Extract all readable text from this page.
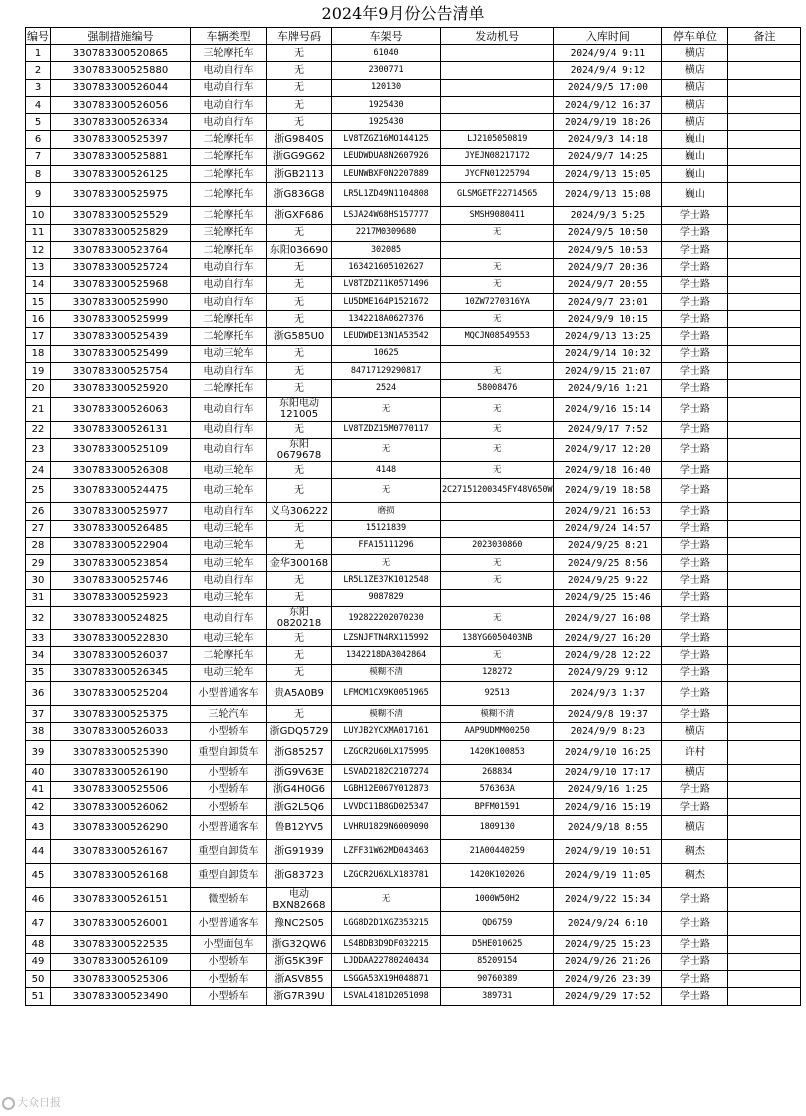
2024年9月份公告清单
编号	强制措施编号	车辆类型	车牌号码	车架号	发动机号	入库时间	停车单位	备注
1	330783300520865	三轮摩托车	无	61040		2024/9/4 9:11	横店	
2	330783300525880	电动自行车	无	2300771		2024/9/4 9:12	横店	
3	330783300526044	电动自行车	无	120130		2024/9/5 17:00	横店	
4	330783300526056	电动自行车	无	1925430		2024/9/12 16:37	横店	
5	330783300526334	电动自行车	无	1925430		2024/9/19 18:26	横店	
6	330783300525397	二轮摩托车	浙G9840S	LV8TZGZ16MO144125	LJ2105050819	2024/9/3 14:18	巍山	
7	330783300525881	二轮摩托车	浙GG9G62	LEUDWDUA8N2607926	JYEJN08217172	2024/9/7 14:25	巍山	
8	330783300526125	二轮摩托车	浙GB2113	LEUNWBXF0N2207889	JYCFN01225794	2024/9/13 15:05	巍山	
9	330783300525975	二轮摩托车	浙G836G8	LR5L1ZD49N1104808	GLSMGETF22714565	2024/9/13 15:08	巍山	
10	330783300525529	二轮摩托车	浙GXF686	LSJA24W68HS157777	SMSH9080411	2024/9/3 5:25	学士路	
11	330783300525829	三轮摩托车	无	2217M0309680	无	2024/9/5 10:50	学士路	
12	330783300523764	二轮摩托车	东阳036690	302085		2024/9/5 10:53	学士路	
13	330783300525724	电动自行车	无	163421605102627	无	2024/9/7 20:36	学士路	
14	330783300525968	电动自行车	无	LV8TZDZ11K0571496	无	2024/9/7 20:55	学士路	
15	330783300525990	电动自行车	无	LU5DME164P1521672	10ZW7270316YA	2024/9/7 23:01	学士路	
16	330783300525999	二轮摩托车	无	1342218A0627376	无	2024/9/9 10:15	学士路	
17	330783300525439	二轮摩托车	浙G585U0	LEUDWDE13N1A53542	MQCJN08549553	2024/9/13 13:25	学士路	
18	330783300525499	电动三轮车	无	10625		2024/9/14 10:32	学士路	
19	330783300525754	电动自行车	无	84717129290817	无	2024/9/15 21:07	学士路	
20	330783300525920	二轮摩托车	无	2524	58008476	2024/9/16 1:21	学士路	
21	330783300526063	电动自行车	东阳电动121005	无	无	2024/9/16 15:14	学士路	
22	330783300526131	电动自行车	无	LV8TZDZ15M0770117	无	2024/9/17 7:52	学士路	
23	330783300525109	电动自行车	东阳0679678	无	无	2024/9/17 12:20	学士路	
24	330783300526308	电动三轮车	无	4148	无	2024/9/18 16:40	学士路	
25	330783300524475	电动三轮车	无	无	2C27151200345FY48V650W	2024/9/19 18:58	学士路	
26	330783300525977	电动自行车	义乌306222	磨损		2024/9/21 16:53	学士路	
27	330783300526485	电动三轮车	无	15121839		2024/9/24 14:57	学士路	
28	330783300522904	电动三轮车	无	FFA15111296	2023030860	2024/9/25 8:21	学士路	
29	330783300523854	电动三轮车	金华300168	无	无	2024/9/25 8:56	学士路	
30	330783300525746	电动自行车	无	LR5L1ZE37K1012548	无	2024/9/25 9:22	学士路	
31	330783300525923	电动三轮车	无	9087829		2024/9/25 15:46	学士路	
32	330783300524825	电动自行车	东阳0820218	192822202070230	无	2024/9/27 16:08	学士路	
33	330783300522830	电动三轮车	无	LZSNJFTN4RX115992	138YG6050403NB	2024/9/27 16:20	学士路	
34	330783300526037	二轮摩托车	无	1342218DA3042864	无	2024/9/28 12:22	学士路	
35	330783300526345	电动三轮车	无	模糊不清	128272	2024/9/29 9:12	学士路	
36	330783300525204	小型普通客车	贵A5A0B9	LFMCM1CX9K0051965	92513	2024/9/3 1:37	学士路	
37	330783300525375	三轮汽车	无	模糊不清	模糊不清	2024/9/8 19:37	学士路	
38	330783300526033	小型轿车	浙GDQ5729	LUYJB2YCXMA017161	AAP9UDMM00250	2024/9/9 8:23	横店	
39	330783300525390	重型自卸货车	浙G85257	LZGCR2U60LX175995	1420K100853	2024/9/10 16:25	许村	
40	330783300526190	小型轿车	浙G9V63E	LSVAD2182C2107274	268834	2024/9/10 17:17	横店	
41	330783300525506	小型轿车	浙G4H0G6	LGBH12E067Y012873	576363A	2024/9/16 1:25	学士路	
42	330783300526062	小型轿车	浙G2L5Q6	LVVDC11B8GD025347	BPFM01591	2024/9/16 15:19	学士路	
43	330783300526290	小型普通客车	鲁B12YV5	LVHRU1829N6009090	1809130	2024/9/18 8:55	横店	
44	330783300526167	重型自卸货车	浙G91939	LZFF31W62MD043463	21A00440259	2024/9/19 10:51	稠杰	
45	330783300526168	重型自卸货车	浙G83723	LZGCR2U6XLX183781	1420K102026	2024/9/19 11:05	稠杰	
46	330783300526151	微型轿车	电动BXN82668	无	1000W50H2	2024/9/22 15:34	学士路	
47	330783300526001	小型普通客车	豫NC2S05	LGG8D2D1XGZ353215	QD6759	2024/9/24 6:10	学士路	
48	330783300522535	小型面包车	浙G32QW6	LS4BDB3D9DF032215	D5HE010625	2024/9/25 15:23	学士路	
49	330783300526109	小型轿车	浙G5K39F	LJDDAA22780240434	85209154	2024/9/26 21:26	学士路	
50	330783300525306	小型轿车	浙ASV855	LSGGA53X19H048871	90760389	2024/9/26 23:39	学士路	
51	330783300523490	小型轿车	浙G7R39U	LSVAL4181D2051098	389731	2024/9/29 17:52	学士路	
大众日报
